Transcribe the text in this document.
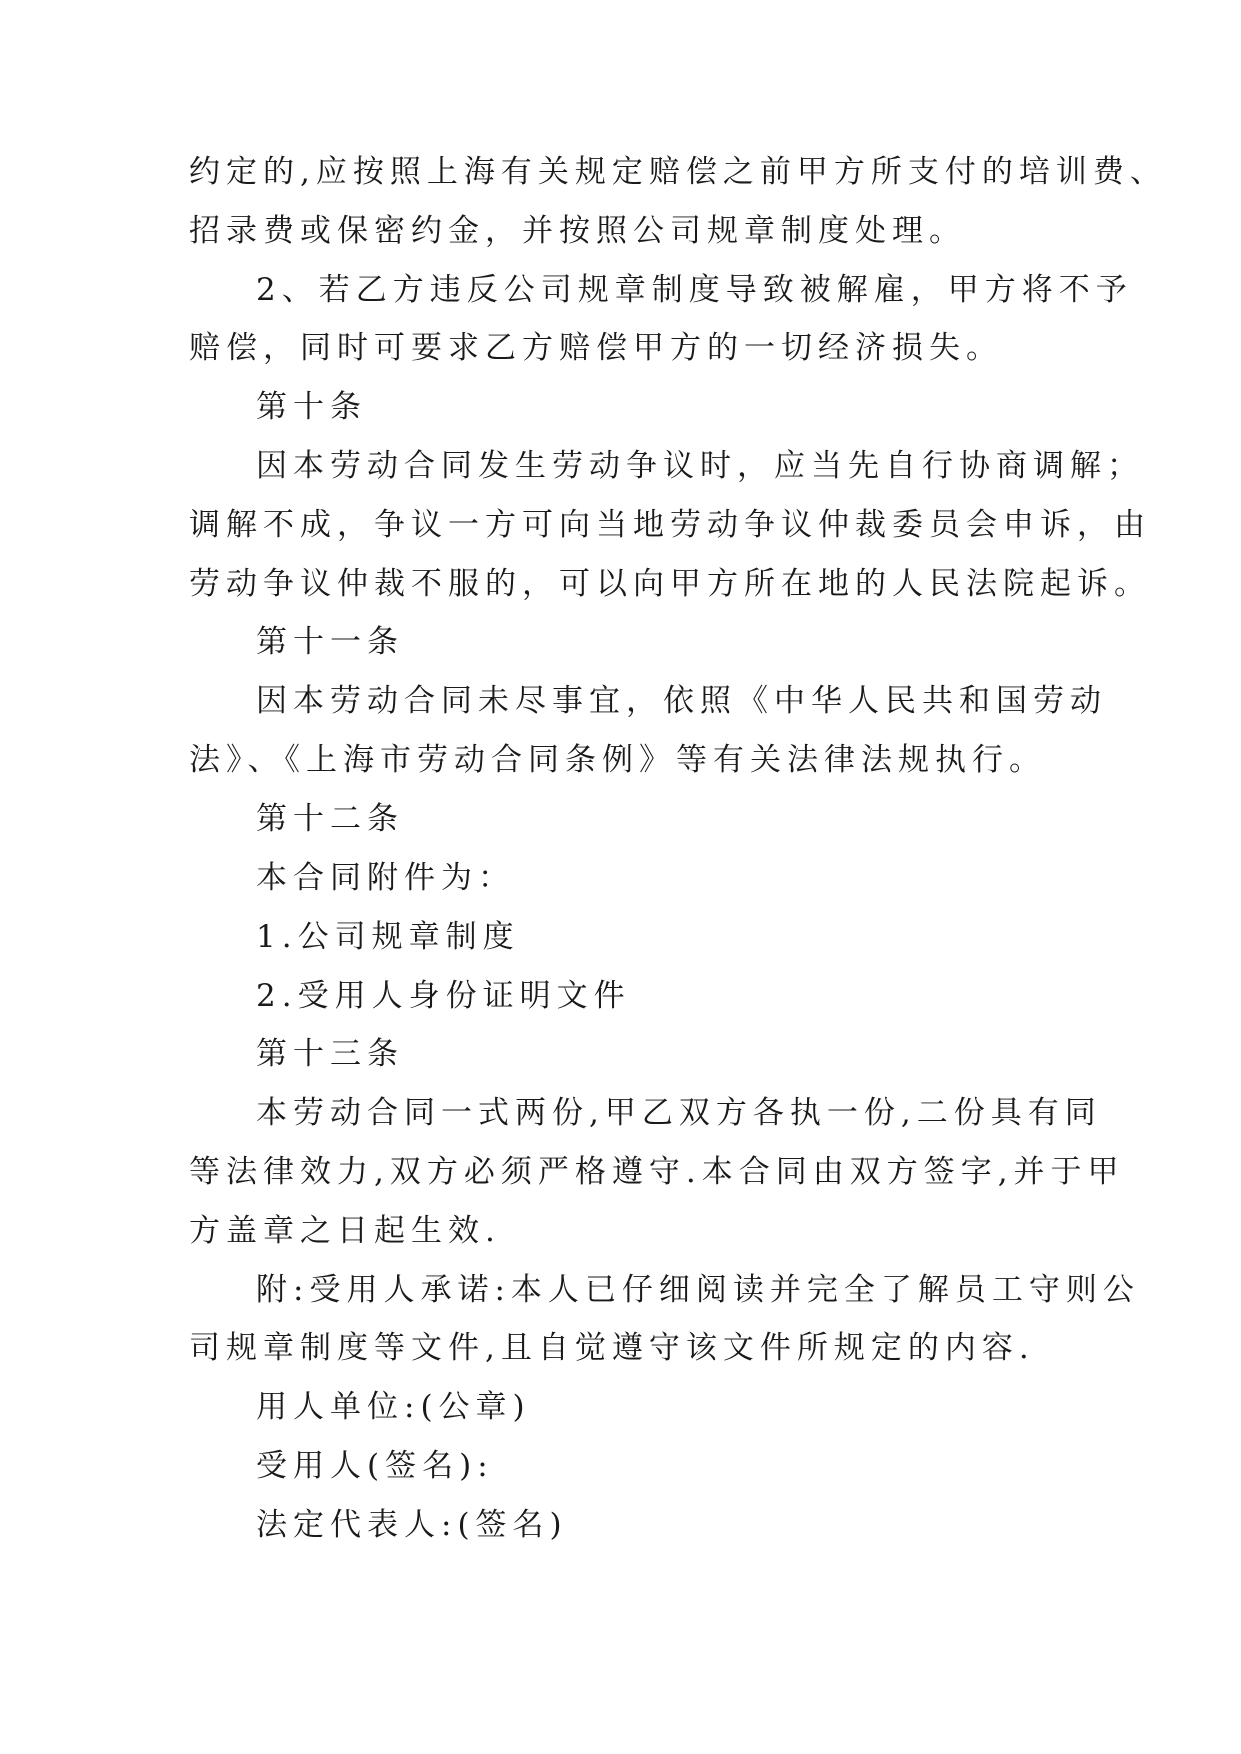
约定的,应按照上海有关规定赔偿之前甲方所支付的培训费、
招录费或保密约金，并按照公司规章制度处理。
2、若乙方违反公司规章制度导致被解雇，甲方将不予
赔偿，同时可要求乙方赔偿甲方的一切经济损失。
第十条
因本劳动合同发生劳动争议时，应当先自行协商调解；
调解不成，争议一方可向当地劳动争议仲裁委员会申诉，由
劳动争议仲裁不服的，可以向甲方所在地的人民法院起诉。
第十一条
因本劳动合同未尽事宜，依照《中华人民共和国劳动
法》、《上海市劳动合同条例》等有关法律法规执行。
第十二条
本合同附件为：
1.公司规章制度
2.受用人身份证明文件
第十三条
本劳动合同一式两份,甲乙双方各执一份,二份具有同
等法律效力,双方必须严格遵守.本合同由双方签字,并于甲
方盖章之日起生效.
附:受用人承诺:本人已仔细阅读并完全了解员工守则公
司规章制度等文件,且自觉遵守该文件所规定的内容.
用人单位:(公章)
受用人(签名):
法定代表人:(签名)
